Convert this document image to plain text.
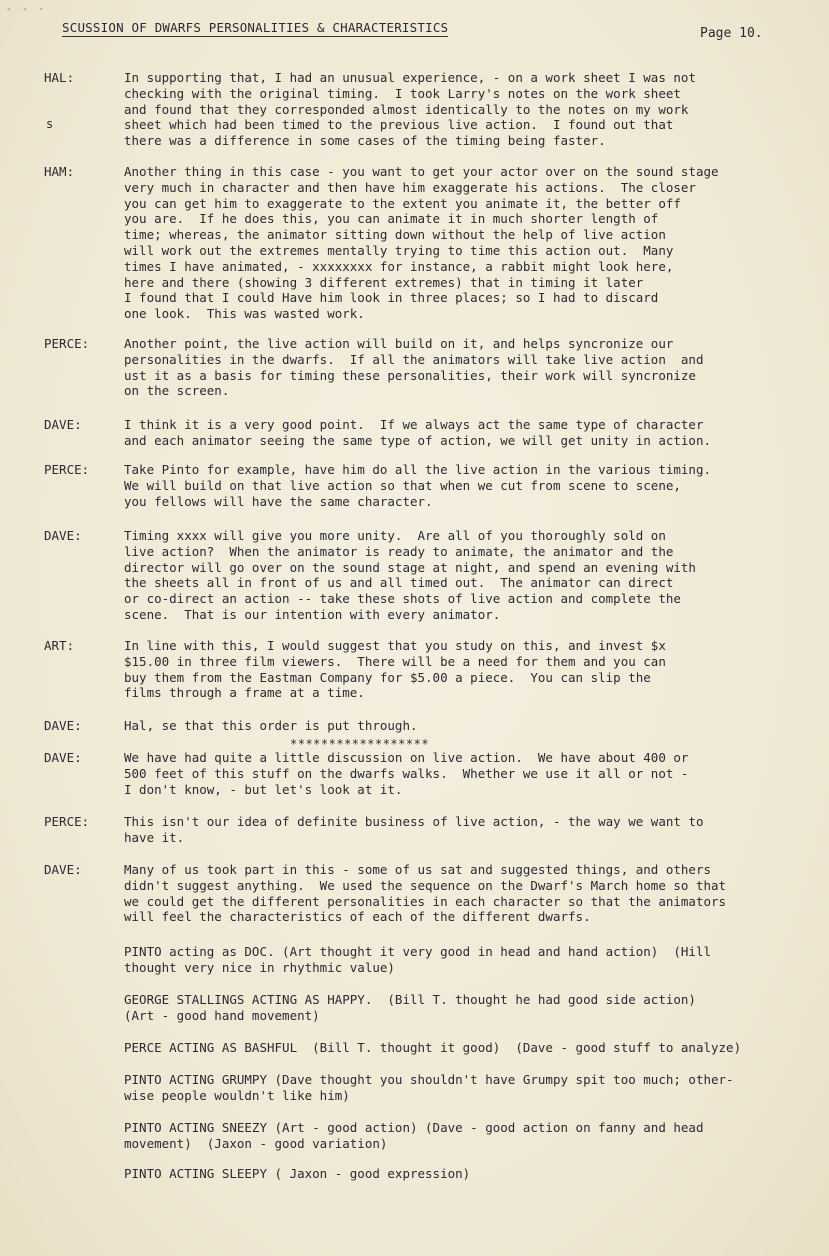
- - ·
SCUSSION OF DWARFS PERSONALITIES & CHARACTERISTICS	Page 10.
s
HAL:	In supporting that, I had an unusual experience, - on a work sheet I was not
checking with the original timing.  I took Larry's notes on the work sheet
and found that they corresponded almost identically to the notes on my work
sheet which had been timed to the previous live action.  I found out that
there was a difference in some cases of the timing being faster.
HAM:	Another thing in this case - you want to get your actor over on the sound stage
very much in character and then have him exaggerate his actions.  The closer
you can get him to exaggerate to the extent you animate it, the better off
you are.  If he does this, you can animate it in much shorter length of
time; whereas, the animator sitting down without the help of live action
will work out the extremes mentally trying to time this action out.  Many
times I have animated, - xxxxxxxx for instance, a rabbit might look here,
here and there (showing 3 different extremes) that in timing it later
I found that I could Have him look in three places; so I had to discard
one look.  This was wasted work.
PERCE:	Another point, the live action will build on it, and helps syncronize our
personalities in the dwarfs.  If all the animators will take live action  and
ust it as a basis for timing these personalities, their work will syncronize
on the screen.
DAVE:	I think it is a very good point.  If we always act the same type of character
and each animator seeing the same type of action, we will get unity in action.
PERCE:	Take Pinto for example, have him do all the live action in the various timing.
We will build on that live action so that when we cut from scene to scene,
you fellows will have the same character.
DAVE:	Timing xxxx will give you more unity.  Are all of you thoroughly sold on
live action?  When the animator is ready to animate, the animator and the
director will go over on the sound stage at night, and spend an evening with
the sheets all in front of us and all timed out.  The animator can direct
or co-direct an action -- take these shots of live action and complete the
scene.  That is our intention with every animator.
ART:	In line with this, I would suggest that you study on this, and invest $x
$15.00 in three film viewers.  There will be a need for them and you can
buy them from the Eastman Company for $5.00 a piece.  You can slip the
films through a frame at a time.
DAVE:	Hal, se that this order is put through.
******************
DAVE:	We have had quite a little discussion on live action.  We have about 400 or
500 feet of this stuff on the dwarfs walks.  Whether we use it all or not -
I don't know, - but let's look at it.
PERCE:	This isn't our idea of definite business of live action, - the way we want to
have it.
DAVE:	Many of us took part in this - some of us sat and suggested things, and others
didn't suggest anything.  We used the sequence on the Dwarf's March home so that
we could get the different personalities in each character so that the animators
will feel the characteristics of each of the different dwarfs.
PINTO acting as DOC. (Art thought it very good in head and hand action)  (Hill
thought very nice in rhythmic value)
GEORGE STALLINGS ACTING AS HAPPY.  (Bill T. thought he had good side action)
(Art - good hand movement)
PERCE ACTING AS BASHFUL  (Bill T. thought it good)  (Dave - good stuff to analyze)
PINTO ACTING GRUMPY (Dave thought you shouldn't have Grumpy spit too much; other-
wise people wouldn't like him)
PINTO ACTING SNEEZY (Art - good action) (Dave - good action on fanny and head
movement)  (Jaxon - good variation)
PINTO ACTING SLEEPY ( Jaxon - good expression)
